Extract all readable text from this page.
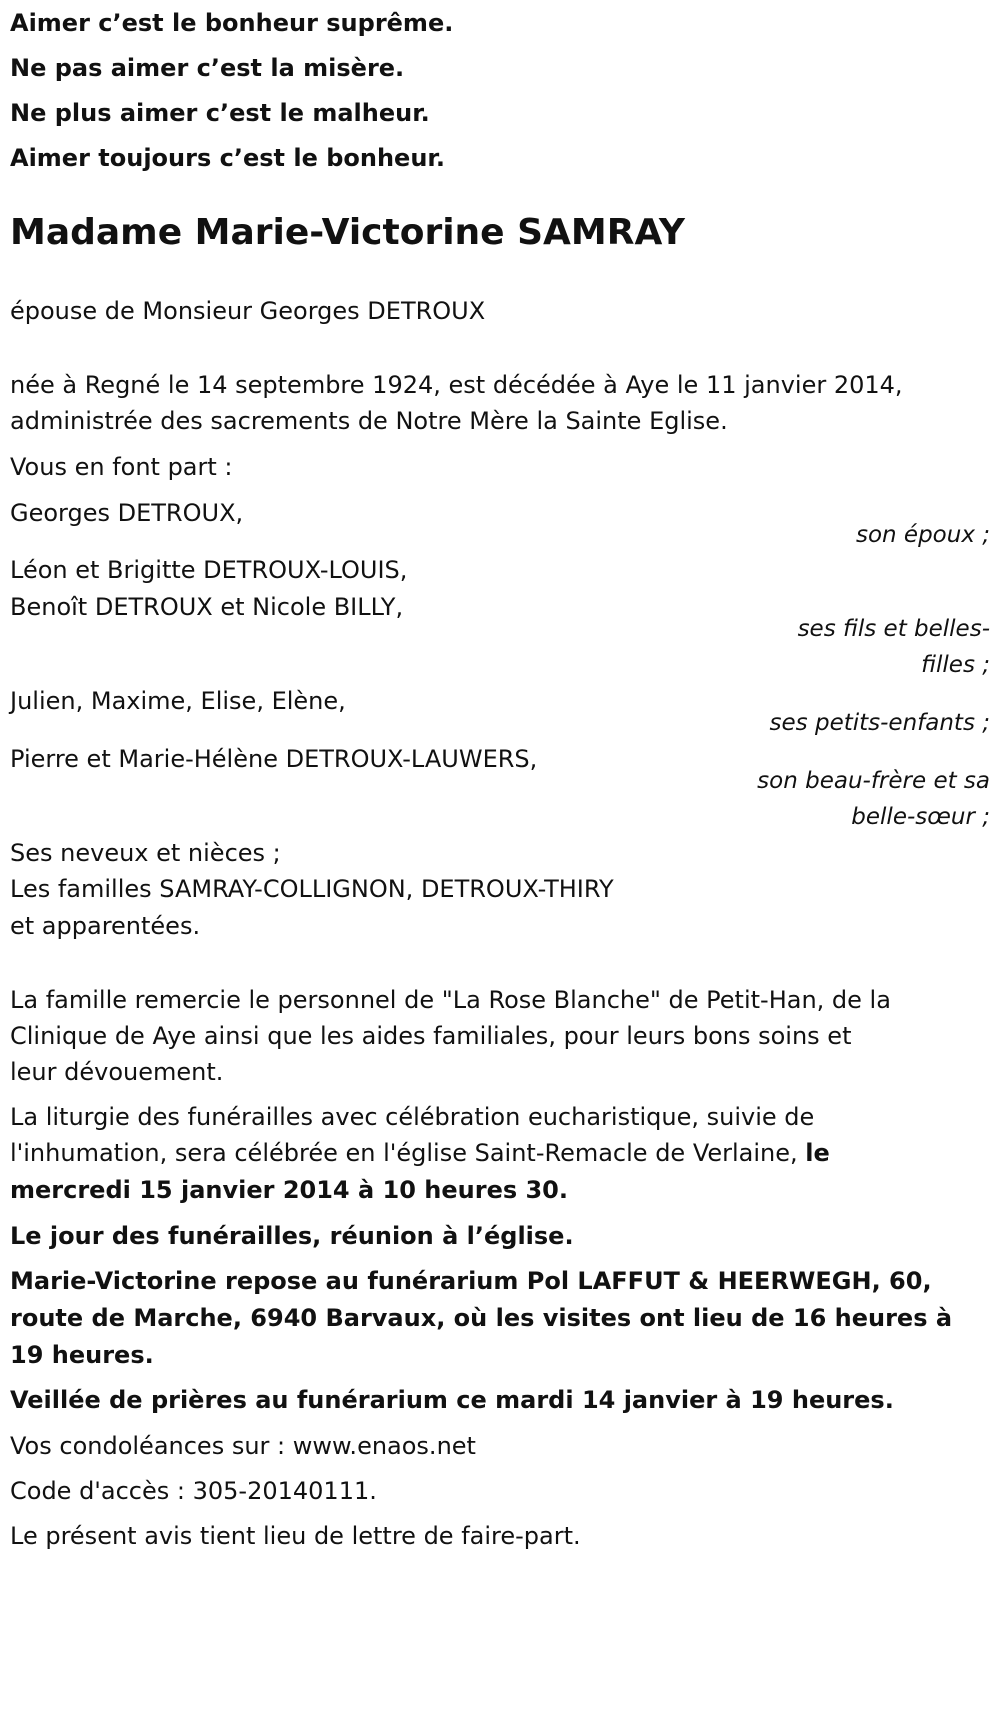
Aimer c’est le bonheur suprême.
Ne pas aimer c’est la misère.
Ne plus aimer c’est le malheur.
Aimer toujours c’est le bonheur.
Madame Marie-Victorine SAMRAY
épouse de Monsieur Georges DETROUX
née à Regné le 14 septembre 1924, est décédée à Aye le 11 janvier 2014,
administrée des sacrements de Notre Mère la Sainte Eglise.
Vous en font part :
Georges DETROUX,
son époux ;
Léon et Brigitte DETROUX-LOUIS,
Benoît DETROUX et Nicole BILLY,
ses fils et belles-filles ;
Julien, Maxime, Elise, Elène,
ses petits-enfants ;
Pierre et Marie-Hélène DETROUX-LAUWERS,
son beau-frère et sa belle-sœur ;
Ses neveux et nièces ;
Les familles SAMRAY-COLLIGNON, DETROUX-THIRY
et apparentées.
La famille remercie le personnel de "La Rose Blanche" de Petit-Han, de la
Clinique de Aye ainsi que les aides familiales, pour leurs bons soins et
leur dévouement.
La liturgie des funérailles avec célébration eucharistique, suivie de
l'inhumation, sera célébrée en l'église Saint-Remacle de Verlaine, le
mercredi 15 janvier 2014 à 10 heures 30.
Le jour des funérailles, réunion à l’église.
Marie-Victorine repose au funérarium Pol LAFFUT & HEERWEGH, 60,
route de Marche, 6940 Barvaux, où les visites ont lieu de 16 heures à
19 heures.
Veillée de prières au funérarium ce mardi 14 janvier à 19 heures.
Vos condoléances sur : www.enaos.net
Code d'accès : 305-20140111.
Le présent avis tient lieu de lettre de faire-part.
